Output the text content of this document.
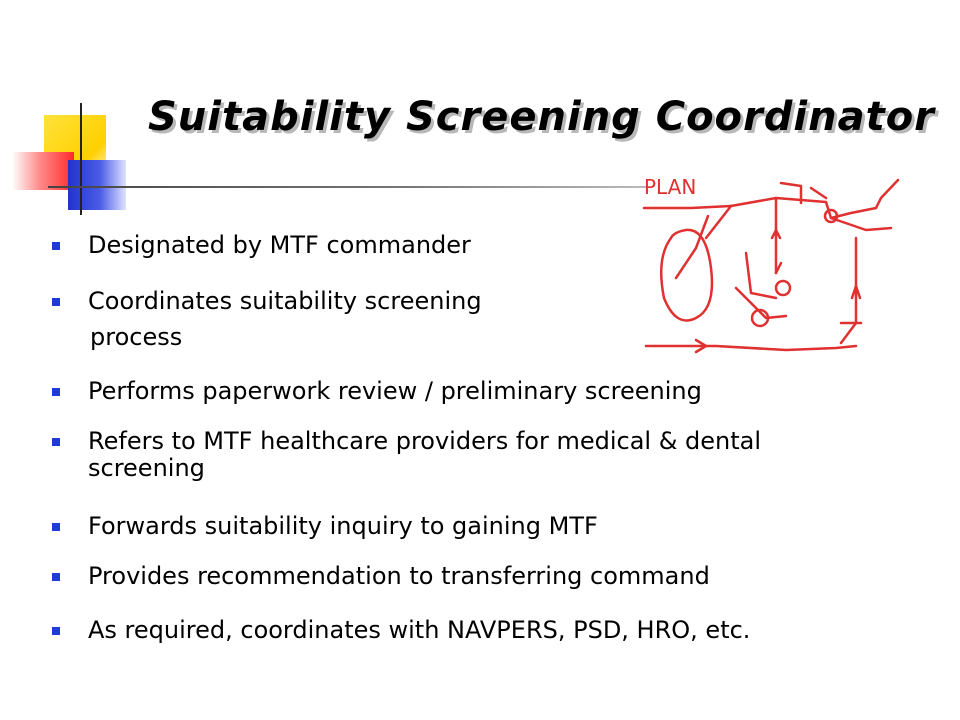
Suitability Screening Coordinator
PLAN
Designated by MTF commander
Coordinates suitability screening
Performs paperwork review / preliminary screening
Refers to MTF healthcare providers for medical & dental screening
Forwards suitability inquiry to gaining MTF
Provides recommendation to transferring command
As required, coordinates with NAVPERS, PSD, HRO, etc.
process
